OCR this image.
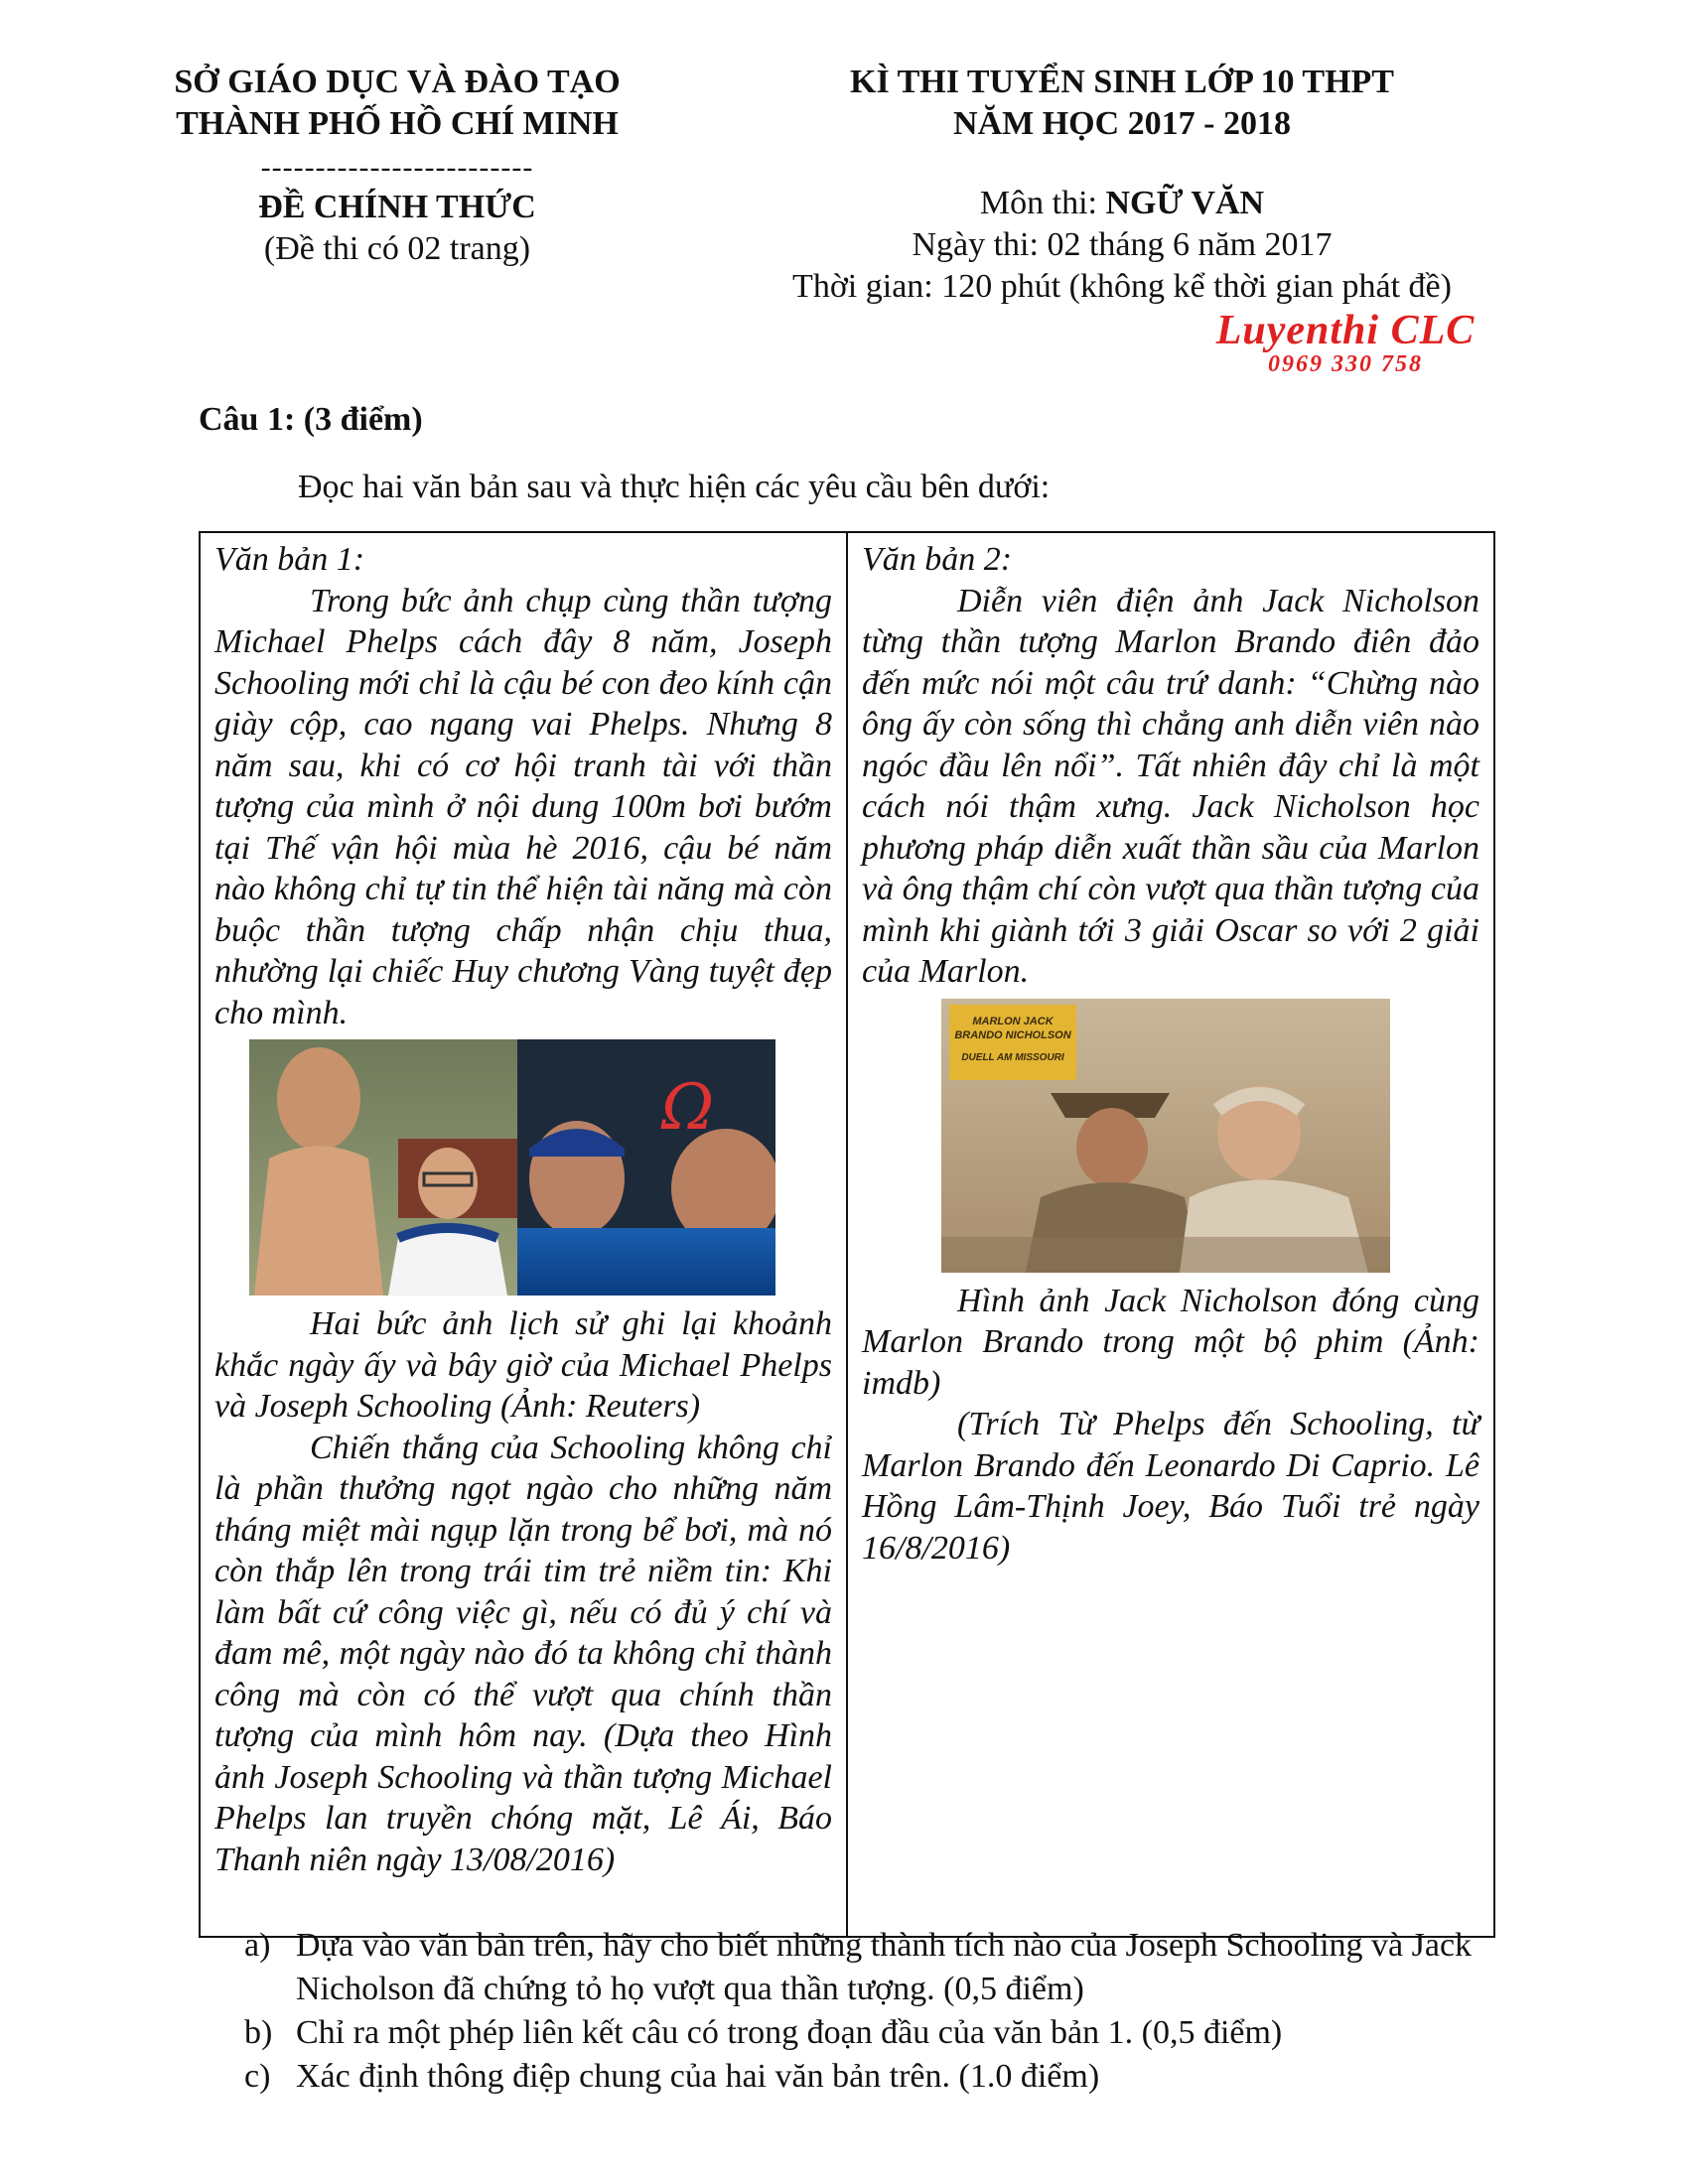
SỞ GIÁO DỤC VÀ ĐÀO TẠO
THÀNH PHỐ HỒ CHÍ MINH
-------------------------
ĐỀ CHÍNH THỨC
(Đề thi có 02 trang)
KÌ THI TUYỂN SINH LỚP 10 THPT
NĂM HỌC 2017 - 2018
Môn thi: NGỮ VĂN
Ngày thi: 02 tháng 6 năm 2017
Thời gian: 120 phút (không kể thời gian phát đề)
Luyenthi CLC
0969 330 758
Câu 1: (3 điểm)
Đọc hai văn bản sau và thực hiện các yêu cầu bên dưới:

Văn bản 1:

Trong bức ảnh chụp cùng thần tượng Michael Phelps cách đây 8 năm, Joseph Schooling mới chỉ là cậu bé con đeo kính cận giày cộp, cao ngang vai Phelps. Nhưng 8 năm sau, khi có cơ hội tranh tài với thần tượng của mình ở nội dung 100m bơi bướm tại Thế vận hội mùa hè 2016, cậu bé năm nào không chỉ tự tin thể hiện tài năng mà còn buộc thần tượng chấp nhận chịu thua, nhường lại chiếc Huy chương Vàng tuyệt đẹp cho mình.

Ω

Hai bức ảnh lịch sử ghi lại khoảnh khắc ngày ấy và bây giờ của Michael Phelps và Joseph Schooling (Ảnh: Reuters)

Chiến thắng của Schooling không chỉ là phần thưởng ngọt ngào cho những năm tháng miệt mài ngụp lặn trong bể bơi, mà nó còn thắp lên trong trái tim trẻ niềm tin: Khi làm bất cứ công việc gì, nếu có đủ ý chí và đam mê, một ngày nào đó ta không chỉ thành công mà còn có thể vượt qua chính thần tượng của mình hôm nay. (Dựa theo Hình ảnh Joseph Schooling và thần tượng Michael Phelps lan truyền chóng mặt, Lê Ái, Báo Thanh niên ngày 13/08/2016)

Văn bản 2:

Diễn viên điện ảnh Jack Nicholson từng thần tượng Marlon Brando điên đảo đến mức nói một câu trứ danh: “Chừng nào ông ấy còn sống thì chẳng anh diễn viên nào ngóc đầu lên nổi”. Tất nhiên đây chỉ là một cách nói thậm xưng. Jack Nicholson học phương pháp diễn xuất thần sầu của Marlon và ông thậm chí còn vượt qua thần tượng của mình khi giành tới 3 giải Oscar so với 2 giải của Marlon.

MARLON JACK
BRANDO NICHOLSON
DUELL AM MISSOURI

Hình ảnh Jack Nicholson đóng cùng Marlon Brando trong một bộ phim (Ảnh: imdb)

(Trích Từ Phelps đến Schooling, từ Marlon Brando đến Leonardo Di Caprio. Lê Hồng Lâm-Thịnh Joey, Báo Tuổi trẻ ngày 16/8/2016)

a) Dựa vào văn bản trên, hãy cho biết những thành tích nào của Joseph Schooling và Jack Nicholson đã chứng tỏ họ vượt qua thần tượng. (0,5 điểm)
b) Chỉ ra một phép liên kết câu có trong đoạn đầu của văn bản 1. (0,5 điểm)
c) Xác định thông điệp chung của hai văn bản trên. (1.0 điểm)
